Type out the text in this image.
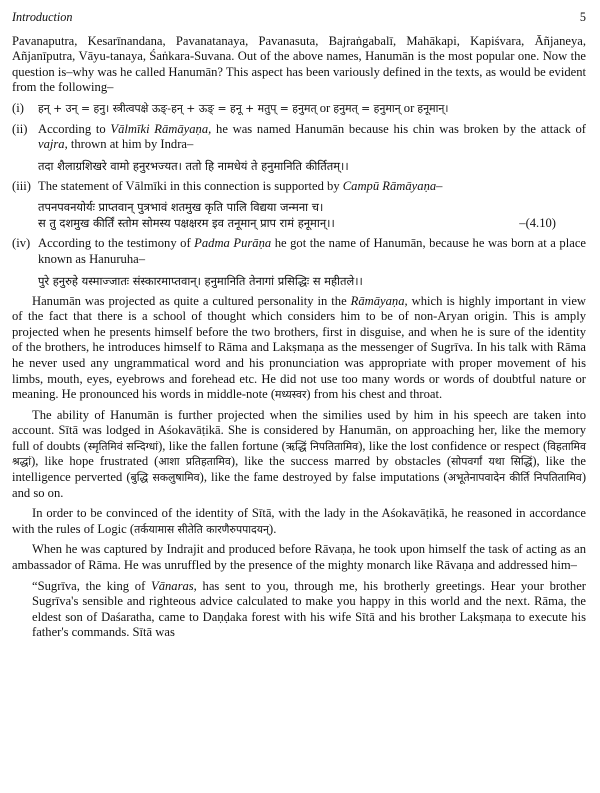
Introduction	5

Pavanaputra, Kesarīnandana, Pavanatanaya, Pavanasuta, Bajraṅgabalī, Mahākapi, Kapiśvara, Āñjaneya, Añjanīputra, Vāyu-tanaya, Śaṅkara-Suvana. Out of the above names, Hanumān is the most popular one. Now the question is–why was he called Hanumān? This aspect has been variously defined in the texts, as would be evident from the following–

(i)	हन् + उन् = हनु। स्त्रीत्वपक्षे ऊङ्-हन् + ऊङ् = हनू + मतुप् = हनुमत् or हनुमत् = हनुमान् or हनूमान्।
(ii) According to Vālmīki Rāmāyaṇa, he was named Hanumān because his chin was broken by the attack of vajra, thrown at him by Indra–
तदा शैलाग्रशिखरे वामो हनुरभज्यत। ततो हि नामधेयं ते हनुमानिति कीर्तितम्।।
(iii) The statement of Vālmīki in this connection is supported by Campū Rāmāyaṇa–
तपनपवनयोर्यः प्राप्तवान् पुत्रभावं शतमुख कृति पालि विद्यया जन्मना च।
स तु दशमुख कीर्तिं स्तोम सोमस्य पक्षक्षरम इव तनूमान् प्राप रामं हनूमान्।।	–(4.10)
(iv) According to the testimony of Padma Purāṇa he got the name of Hanumān, because he was born at a place known as Hanuruha–
पुरे हनुरुहे यस्माज्जातः संस्कारमाप्तवान्। हनुमानिति तेनागां प्रसिद्धिः स महीतले।।

Hanumān was projected as quite a cultured personality in the Rāmāyaṇa, which is highly important in view of the fact that there is a school of thought which considers him to be of non-Aryan origin. This is amply projected when he presents himself before the two brothers, first in disguise, and when he is sure of the identity of the brothers, he introduces himself to Rāma and Lakṣmaṇa as the messenger of Sugrīva. In his talk with Rāma he never used any ungrammatical word and his pronunciation was appropriate with proper movement of his limbs, mouth, eyes, eyebrows and forehead etc. He did not use too many words or words of doubtful nature or meaning. He pronounced his words in middle-note (मध्यस्वर) from his chest and throat.

The ability of Hanumān is further projected when the similies used by him in his speech are taken into account. Sītā was lodged in Aśokavāṭikā. She is considered by Hanumān, on approaching her, like the memory full of doubts (स्मृतिमिवं सन्दिग्धां), like the fallen fortune (ऋद्धिं निपतितामिव), like the lost confidence or respect (विहतामिव श्रद्धां), like hope frustrated (आशा प्रतिहतामिव), like the success marred by obstacles (सोपवर्गां यथा सिद्धिं), like the intelligence perverted (बुद्धि सकलुषामिव), like the fame destroyed by false imputations (अभूतेनापवादेन कीर्ति निपतितामिव) and so on.

In order to be convinced of the identity of Sītā, with the lady in the Aśokavāṭikā, he reasoned in accordance with the rules of Logic (तर्कयामास सीतेति कारणैरुपपादयन्).

When he was captured by Indrajit and produced before Rāvaṇa, he took upon himself the task of acting as an ambassador of Rāma. He was unruffled by the presence of the mighty monarch like Rāvaṇa and addressed him–

“Sugrīva, the king of Vānaras, has sent to you, through me, his brotherly greetings. Hear your brother Sugrīva's sensible and righteous advice calculated to make you happy in this world and the next. Rāma, the eldest son of Daśaratha, came to Daṇḍaka forest with his wife Sītā and his brother Lakṣmaṇa to execute his father's commands. Sītā was
